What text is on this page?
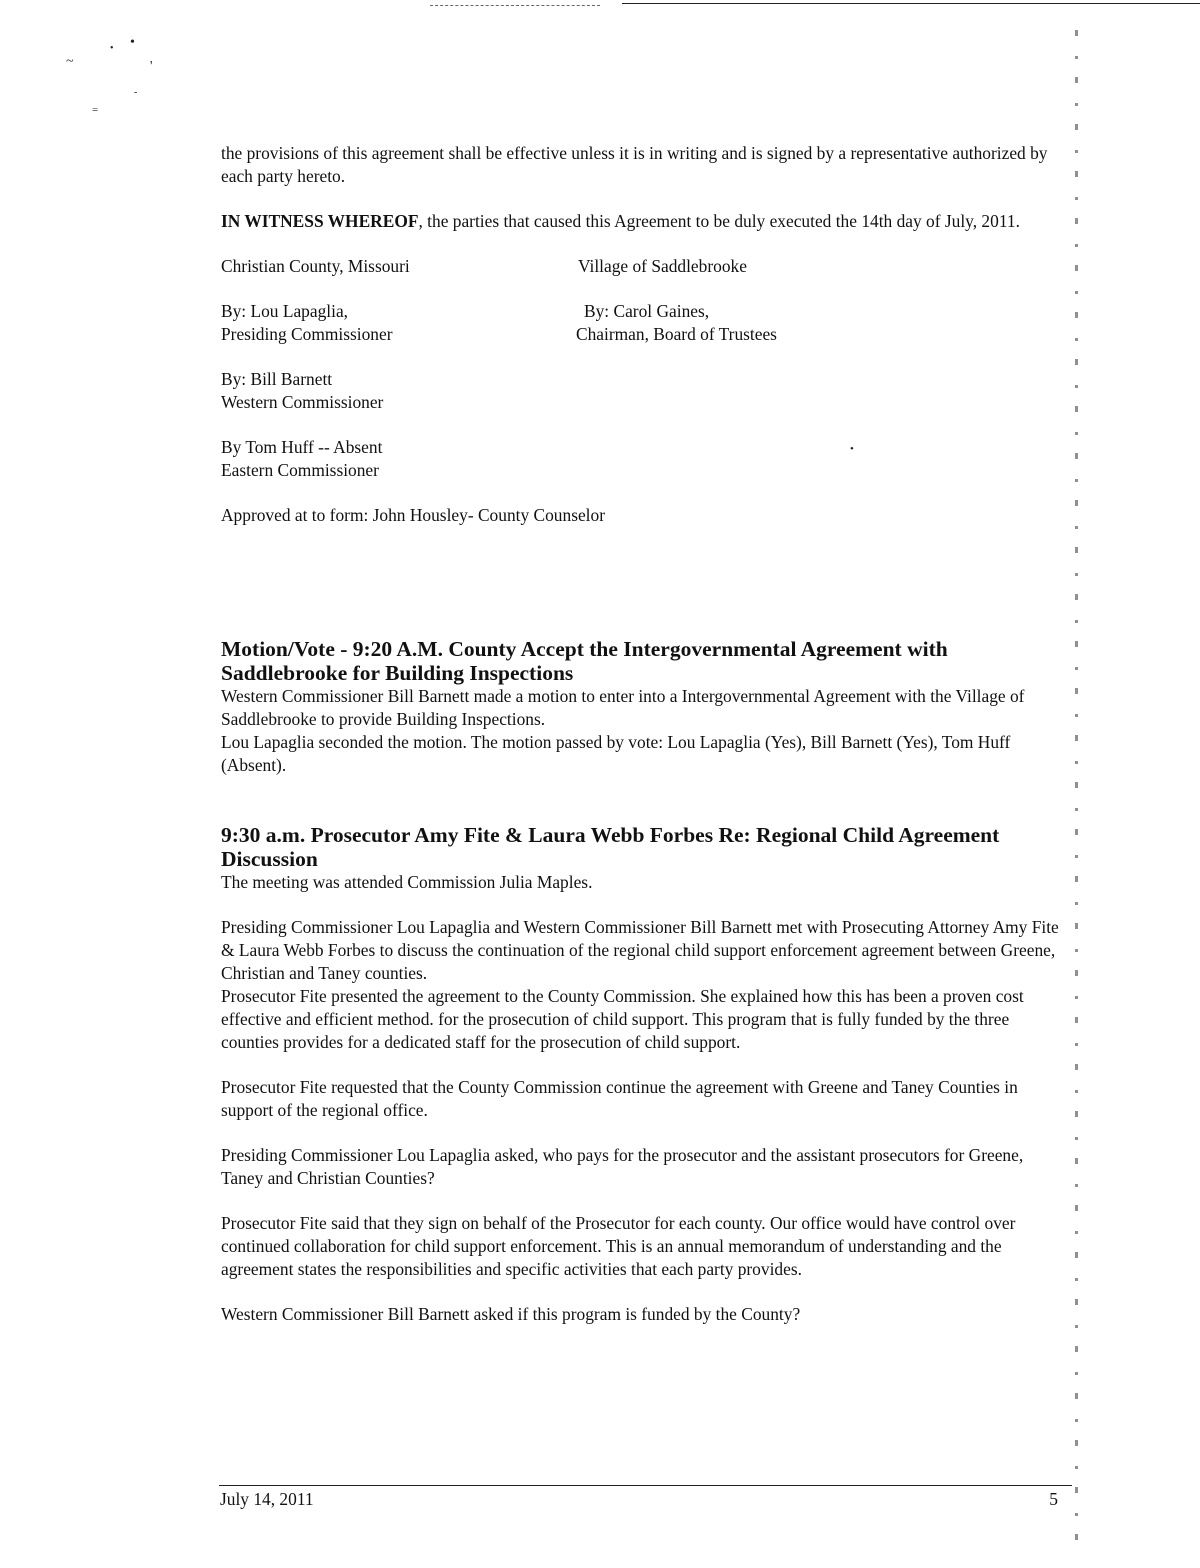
•
~
•
'
-
=
•

the provisions of this agreement shall be effective unless it is in writing and is signed by a representative authorized by each party hereto.

IN WITNESS WHEREOF, the parties that caused this Agreement to be duly executed the 14th day of July, 2011.

Christian County, Missouri	Village of Saddlebrooke

By: Lou Lapaglia,

Presiding Commissioner

By: Carol Gaines,

Chairman, Board of Trustees

By: Bill Barnett

Western Commissioner

By Tom Huff -- Absent

Eastern Commissioner

Approved at to form: John Housley- County Counselor

Motion/Vote - 9:20 A.M. County Accept the Intergovernmental Agreement with Saddlebrooke for Building Inspections

Western Commissioner Bill Barnett made a motion to enter into a Intergovernmental Agreement with the Village of Saddlebrooke to provide Building Inspections.

Lou Lapaglia seconded the motion. The motion passed by vote: Lou Lapaglia (Yes), Bill Barnett (Yes), Tom Huff (Absent).

9:30 a.m. Prosecutor Amy Fite & Laura Webb Forbes Re: Regional Child Agreement Discussion

The meeting was attended Commission Julia Maples.

Presiding Commissioner Lou Lapaglia and Western Commissioner Bill Barnett met with Prosecuting Attorney Amy Fite & Laura Webb Forbes to discuss the continuation of the regional child support enforcement agreement between Greene, Christian and Taney counties.

Prosecutor Fite presented the agreement to the County Commission. She explained how this has been a proven cost effective and efficient method. for the prosecution of child support. This program that is fully funded by the three counties provides for a dedicated staff for the prosecution of child support.

Prosecutor Fite requested that the County Commission continue the agreement with Greene and Taney Counties in support of the regional office.

Presiding Commissioner Lou Lapaglia asked, who pays for the prosecutor and the assistant prosecutors for Greene, Taney and Christian Counties?

Prosecutor Fite said that they sign on behalf of the Prosecutor for each county. Our office would have control over continued collaboration for child support enforcement. This is an annual memorandum of understanding and the agreement states the responsibilities and specific activities that each party provides.

Western Commissioner Bill Barnett asked if this program is funded by the County?

July 14, 2011	5
